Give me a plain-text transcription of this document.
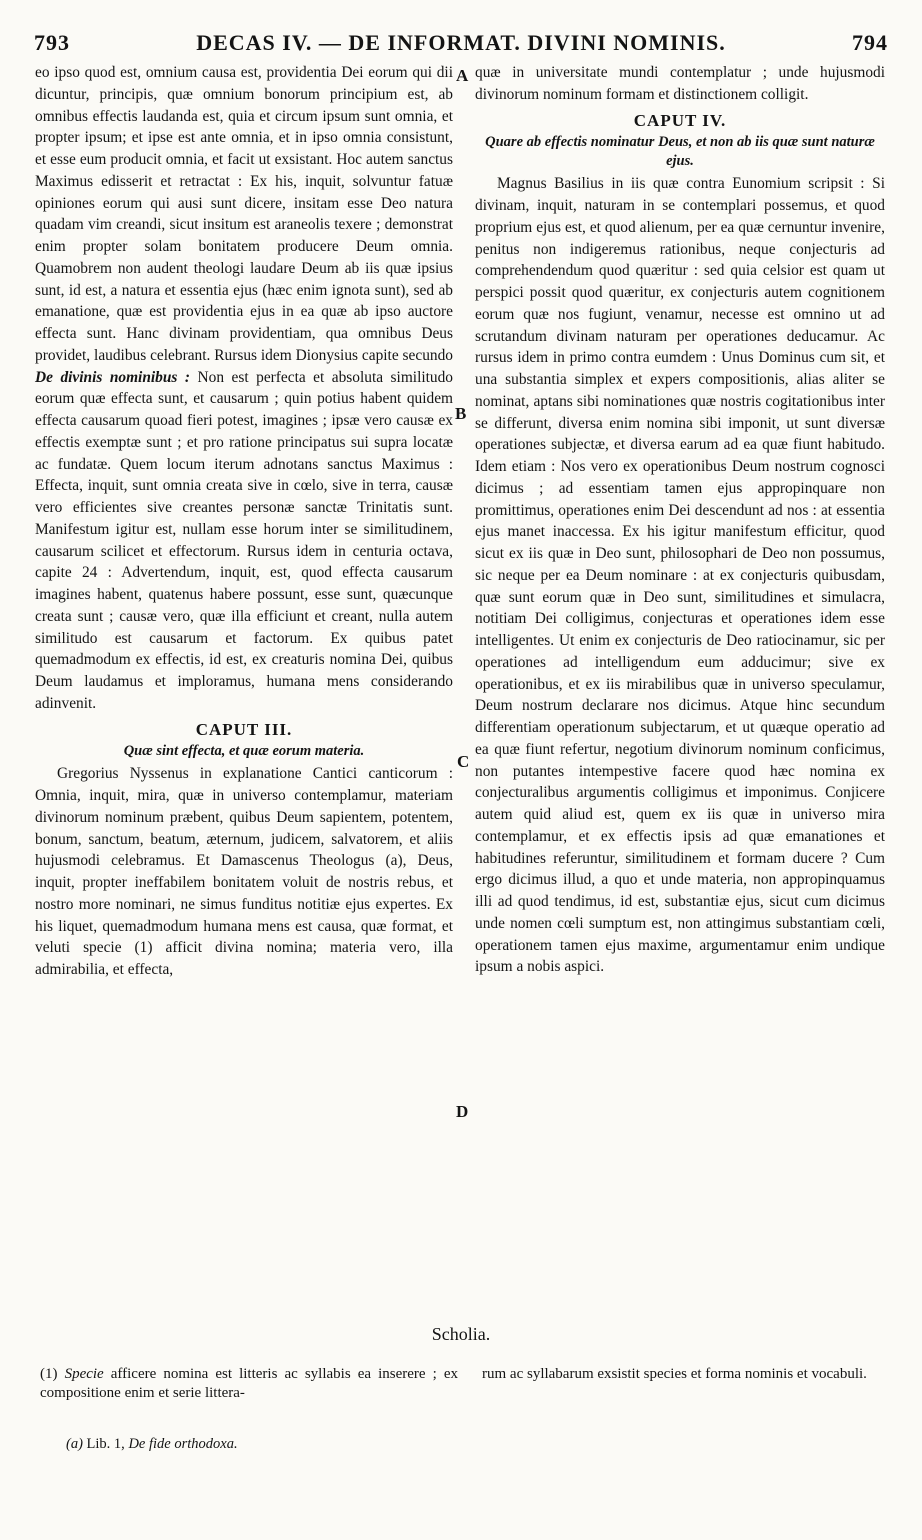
793	DECAS IV. — DE INFORMAT. DIVINI NOMINIS.	794
A
B
C
D

eo ipso quod est, omnium causa est, providentia Dei eorum qui dii dicuntur, principis, quæ omnium bonorum principium est, ab omnibus effectis laudanda est, quia et circum ipsum sunt omnia, et propter ipsum; et ipse est ante omnia, et in ipso omnia consistunt, et esse eum producit omnia, et facit ut exsistant. Hoc autem sanctus Maximus edisserit et retractat : Ex his, inquit, solvuntur fatuæ opiniones eorum qui ausi sunt dicere, insitam esse Deo natura quadam vim creandi, sicut insitum est araneolis texere ; demonstrat enim propter solam bonitatem producere Deum omnia. Quamobrem non audent theologi laudare Deum ab iis quæ ipsius sunt, id est, a natura et essentia ejus (hæc enim ignota sunt), sed ab emanatione, quæ est providentia ejus in ea quæ ab ipso auctore effecta sunt. Hanc divinam providentiam, qua omnibus Deus providet, laudibus celebrant. Rursus idem Dionysius capite secundo De divinis nominibus : Non est perfecta et absoluta similitudo eorum quæ effecta sunt, et causarum ; quin potius habent quidem effecta causarum quoad fieri potest, imagines ; ipsæ vero causæ ex effectis exemptæ sunt ; et pro ratione principatus sui supra locatæ ac fundatæ. Quem locum iterum adnotans sanctus Maximus : Effecta, inquit, sunt omnia creata sive in cœlo, sive in terra, causæ vero efficientes sive creantes personæ sanctæ Trinitatis sunt. Manifestum igitur est, nullam esse horum inter se similitudinem, causarum scilicet et effectorum. Rursus idem in centuria octava, capite 24 : Advertendum, inquit, est, quod effecta causarum imagines habent, quatenus habere possunt, esse sunt, quæcunque creata sunt ; causæ vero, quæ illa efficiunt et creant, nulla autem similitudo est causarum et factorum. Ex quibus patet quemadmodum ex effectis, id est, ex creaturis nomina Dei, quibus Deum laudamus et imploramus, humana mens considerando adinvenit.

CAPUT III.
Quæ sint effecta, et quæ eorum materia.

Gregorius Nyssenus in explanatione Cantici canticorum : Omnia, inquit, mira, quæ in universo contemplamur, materiam divinorum nominum præbent, quibus Deum sapientem, potentem, bonum, sanctum, beatum, æternum, judicem, salvatorem, et aliis hujusmodi celebramus. Et Damascenus Theologus (a), Deus, inquit, propter ineffabilem bonitatem voluit de nostris rebus, et nostro more nominari, ne simus funditus notitiæ ejus expertes. Ex his liquet, quemadmodum humana mens est causa, quæ format, et veluti specie (1) afficit divina nomina; materia vero, illa admirabilia, et effecta,

quæ in universitate mundi contemplatur ; unde hujusmodi divinorum nominum formam et distinctionem colligit.

CAPUT IV.
Quare ab effectis nominatur Deus, et non ab iis quæ sunt naturæ ejus.

Magnus Basilius in iis quæ contra Eunomium scripsit : Si divinam, inquit, naturam in se contemplari possemus, et quod proprium ejus est, et quod alienum, per ea quæ cernuntur invenire, penitus non indigeremus rationibus, neque conjecturis ad comprehendendum quod quæritur : sed quia celsior est quam ut perspici possit quod quæritur, ex conjecturis autem cognitionem eorum quæ nos fugiunt, venamur, necesse est omnino ut ad scrutandum divinam naturam per operationes deducamur. Ac rursus idem in primo contra eumdem : Unus Dominus cum sit, et una substantia simplex et expers compositionis, alias aliter se nominat, aptans sibi nominationes quæ nostris cogitationibus inter se differunt, diversa enim nomina sibi imponit, ut sunt diversæ operationes subjectæ, et diversa earum ad ea quæ fiunt habitudo. Idem etiam : Nos vero ex operationibus Deum nostrum cognosci dicimus ; ad essentiam tamen ejus appropinquare non promittimus, operationes enim Dei descendunt ad nos : at essentia ejus manet inaccessa. Ex his igitur manifestum efficitur, quod sicut ex iis quæ in Deo sunt, philosophari de Deo non possumus, sic neque per ea Deum nominare : at ex conjecturis quibusdam, quæ sunt eorum quæ in Deo sunt, similitudines et simulacra, notitiam Dei colligimus, conjecturas et operationes idem esse intelligentes. Ut enim ex conjecturis de Deo ratiocinamur, sic per operationes ad intelligendum eum adducimur; sive ex operationibus, et ex iis mirabilibus quæ in universo speculamur, Deum nostrum declarare nos dicimus. Atque hinc secundum differentiam operationum subjectarum, et ut quæque operatio ad ea quæ fiunt refertur, negotium divinorum nominum conficimus, non putantes intempestive facere quod hæc nomina ex conjecturalibus argumentis colligimus et imponimus. Conjicere autem quid aliud est, quem ex iis quæ in universo mira contemplamur, et ex effectis ipsis ad quæ emanationes et habitudines referuntur, similitudinem et formam ducere ? Cum ergo dicimus illud, a quo et unde materia, non appropinquamus illi ad quod tendimus, id est, substantiæ ejus, sicut cum dicimus unde nomen cœli sumptum est, non attingimus substantiam cœli, operationem tamen ejus maxime, argumentamur enim undique ipsum a nobis aspici.

Scholia.
(1) Specie afficere nomina est litteris ac syllabis ea inserere ; ex compositione enim et serie littera-
rum ac syllabarum exsistit species et forma nominis et vocabuli.
(a) Lib. 1, De fide orthodoxa.
